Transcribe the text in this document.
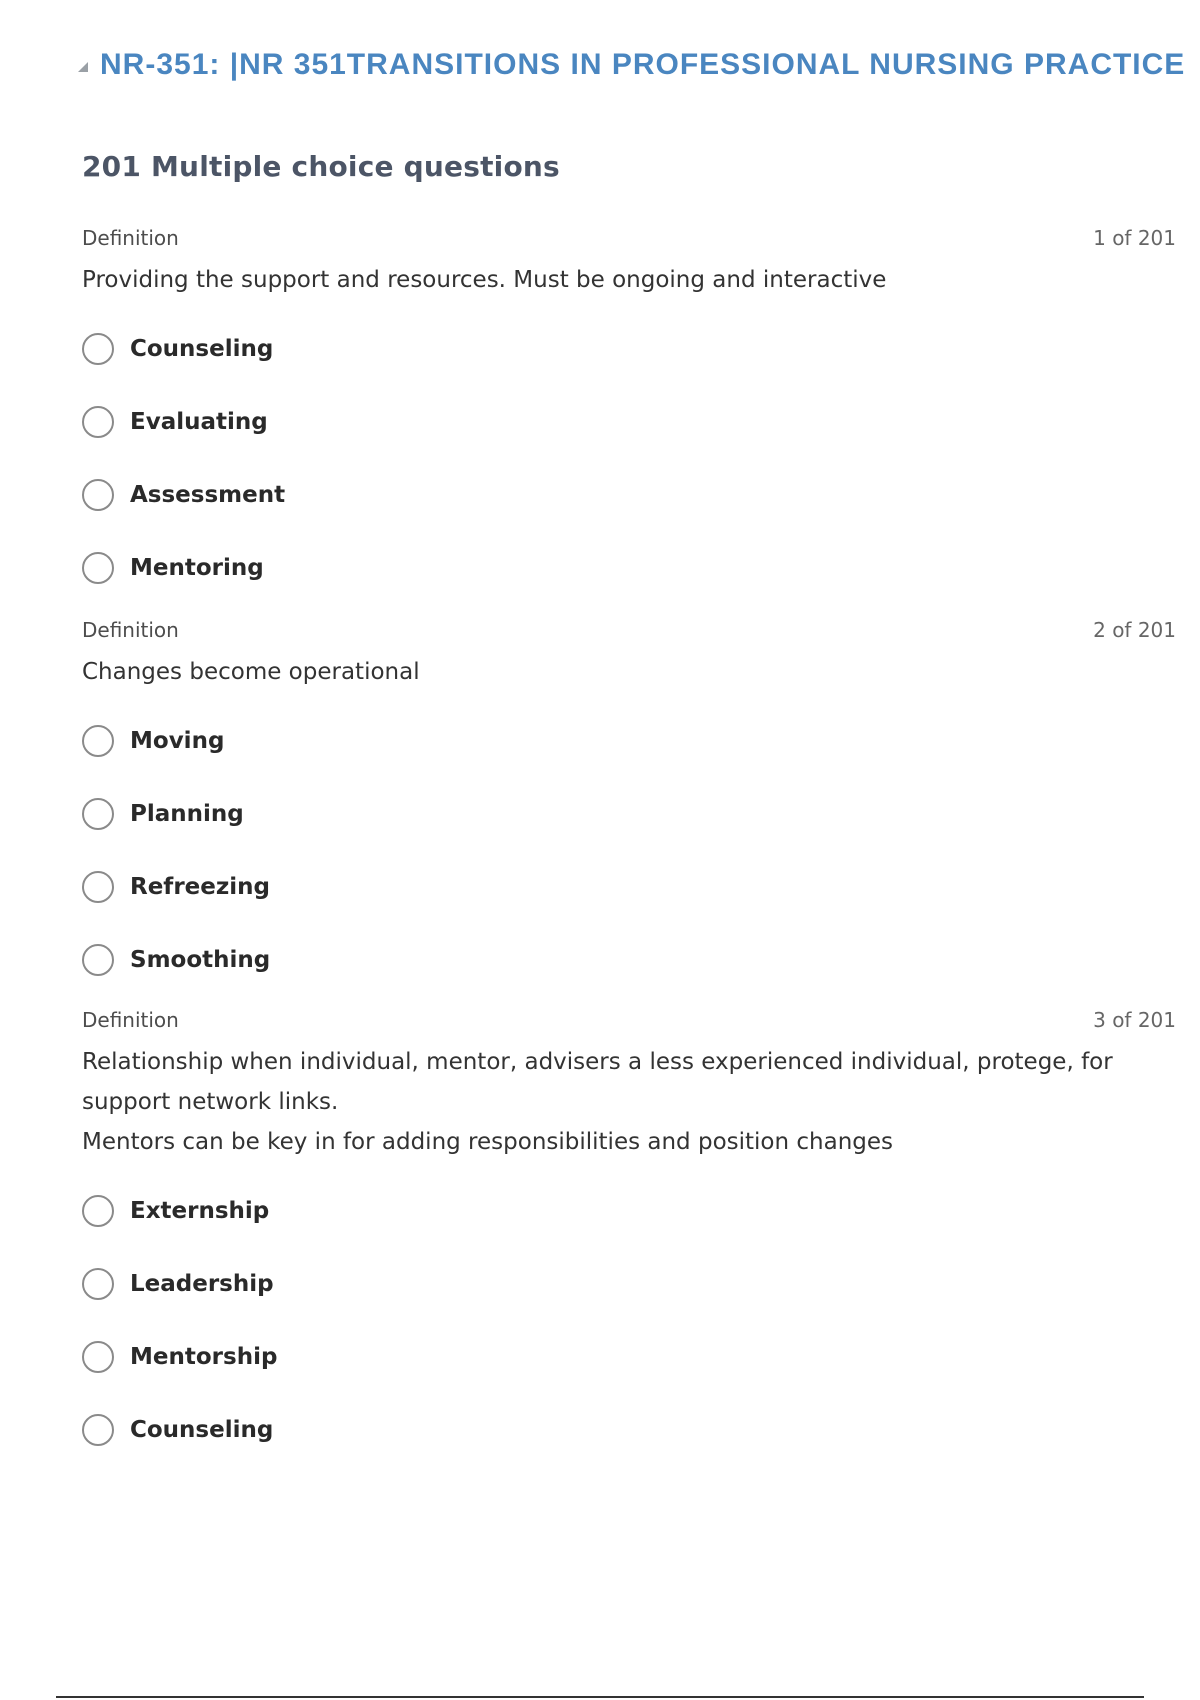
NR-351: |NR 351TRANSITIONS IN PROFESSIONAL NURSING PRACTICE
201 Multiple choice questions
Definition	1 of 201
Providing the support and resources. Must be ongoing and interactive
Counseling
Evaluating
Assessment
Mentoring
Definition	2 of 201
Changes become operational
Moving
Planning
Refreezing
Smoothing
Definition	3 of 201
Relationship when individual, mentor, advisers a less experienced individual, protege, for support network links.
Mentors can be key in for adding responsibilities and position changes
Externship
Leadership
Mentorship
Counseling
